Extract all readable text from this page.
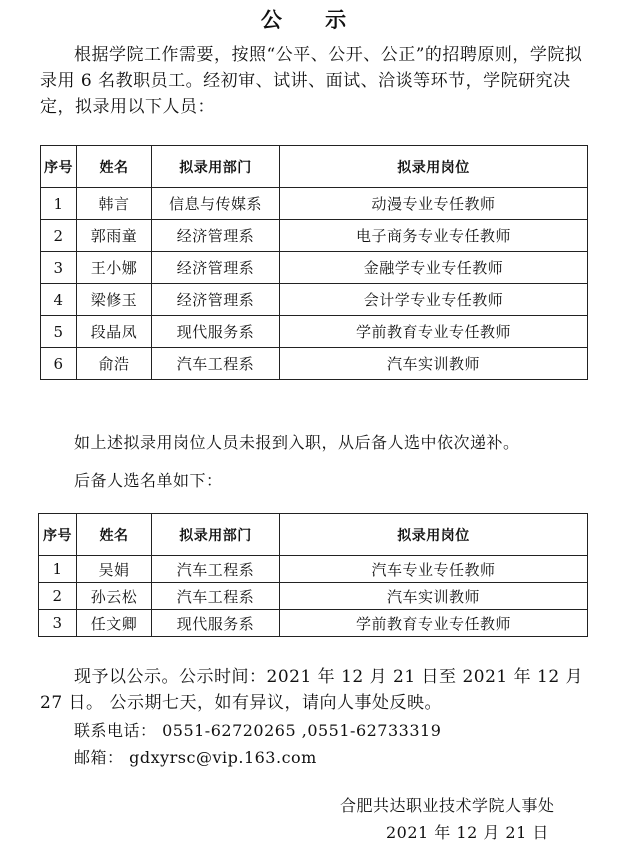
公 示
根据学院工作需要，按照“公平、公开、公正”的招聘原则，学院拟录用 6 名教职员工。经初审、试讲、面试、洽谈等环节，学院研究决定，拟录用以下人员：
序号	姓名	拟录用部门	拟录用岗位
1	韩言	信息与传媒系	动漫专业专任教师
2	郭雨童	经济管理系	电子商务专业专任教师
3	王小娜	经济管理系	金融学专业专任教师
4	梁修玉	经济管理系	会计学专业专任教师
5	段晶凤	现代服务系	学前教育专业专任教师
6	俞浩	汽车工程系	汽车实训教师
如上述拟录用岗位人员未报到入职，从后备人选中依次递补。
后备人选名单如下：
序号	姓名	拟录用部门	拟录用岗位
1	吴娟	汽车工程系	汽车专业专任教师
2	孙云松	汽车工程系	汽车实训教师
3	任文卿	现代服务系	学前教育专业专任教师
现予以公示。公示时间：2021 年 12 月 21 日至 2021 年 12 月 27 日。 公示期七天，如有异议，请向人事处反映。
联系电话： 0551-62720265 ,0551-62733319
邮箱： gdxyrsc@vip.163.com
合肥共达职业技术学院人事处
2021 年 12 月 21 日
